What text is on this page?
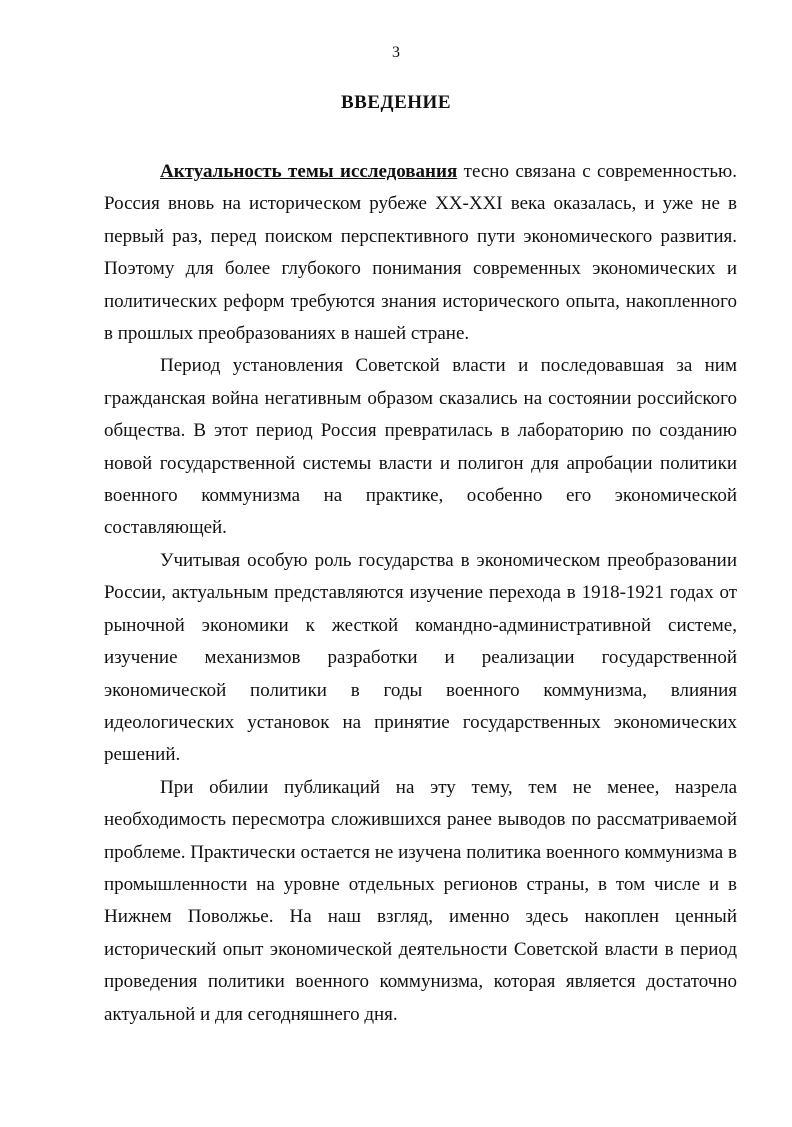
3
ВВЕДЕНИЕ

Актуальность темы исследования тесно связана с современностью. Россия вновь на историческом рубеже XX-XXI века оказалась, и уже не в первый раз, перед поиском перспективного пути экономического развития. Поэтому для более глубокого понимания современных экономических и политических реформ требуются знания исторического опыта, накопленного в прошлых преобразованиях в нашей стране.

Период установления Советской власти и последовавшая за ним гражданская война негативным образом сказались на состоянии российского общества. В этот период Россия превратилась в лабораторию по созданию новой государственной системы власти и полигон для апробации политики военного коммунизма на практике, особенно его экономической составляющей.

Учитывая особую роль государства в экономическом преобразовании России, актуальным представляются изучение перехода в 1918-1921 годах от рыночной экономики к жесткой командно-административной системе, изучение механизмов разработки и реализации государственной экономической политики в годы военного коммунизма, влияния идеологических установок на принятие государственных экономических решений.

При обилии публикаций на эту тему, тем не менее, назрела необходимость пересмотра сложившихся ранее выводов по рассматриваемой проблеме. Практически остается не изучена политика военного коммунизма в промышленности на уровне отдельных регионов страны, в том числе и в Нижнем Поволжье. На наш взгляд, именно здесь накоплен ценный исторический опыт экономической деятельности Советской власти в период проведения политики военного коммунизма, которая является достаточно актуальной и для сегодняшнего дня.
